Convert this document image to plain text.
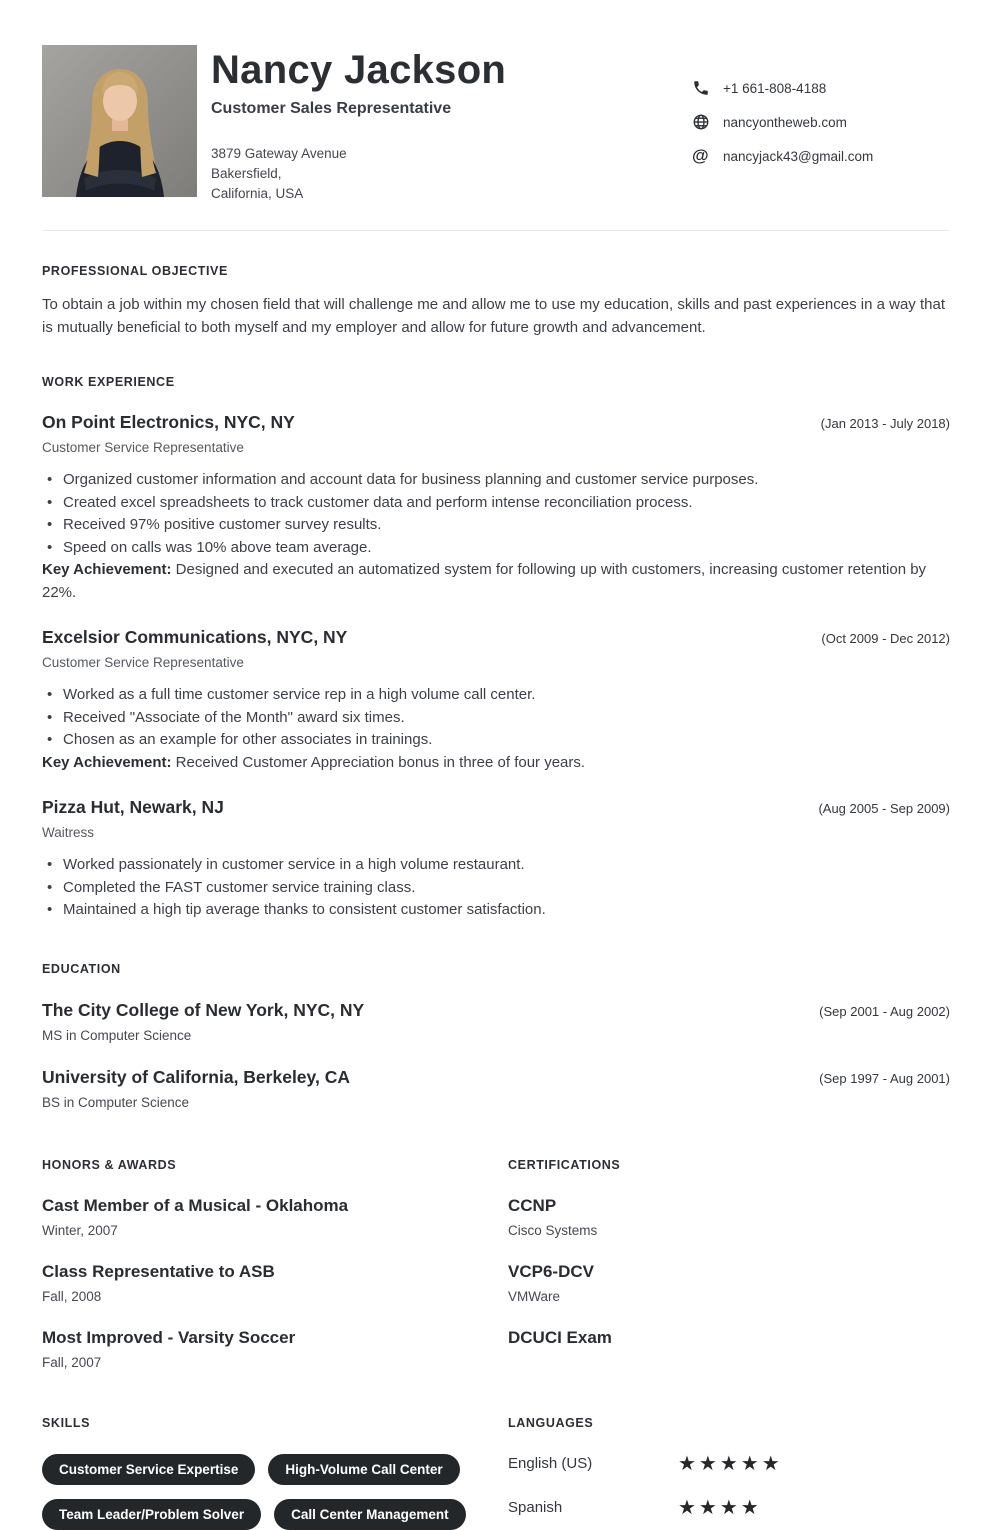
Nancy Jackson
Customer Sales Representative
3879 Gateway Avenue
Bakersfield,
California, USA
+1 661-808-4188
nancyontheweb.com
@ nancyjack43@gmail.com
PROFESSIONAL OBJECTIVE

To obtain a job within my chosen field that will challenge me and allow me to use my education, skills and past experiences in a way that is mutually beneficial to both myself and my employer and allow for future growth and advancement.

WORK EXPERIENCE
On Point Electronics, NYC, NY	(Jan 2013 - July 2018)
Customer Service Representative
• Organized customer information and account data for business planning and customer service purposes.
• Created excel spreadsheets to track customer data and perform intense reconciliation process.
• Received 97% positive customer survey results.
• Speed on calls was 10% above team average.

Key Achievement: Designed and executed an automatized system for following up with customers, increasing customer retention by 22%.

Excelsior Communications, NYC, NY	(Oct 2009 - Dec 2012)
Customer Service Representative
• Worked as a full time customer service rep in a high volume call center.
• Received "Associate of the Month" award six times.
• Chosen as an example for other associates in trainings.

Key Achievement: Received Customer Appreciation bonus in three of four years.

Pizza Hut, Newark, NJ	(Aug 2005 - Sep 2009)
Waitress
• Worked passionately in customer service in a high volume restaurant.
• Completed the FAST customer service training class.
• Maintained a high tip average thanks to consistent customer satisfaction.
EDUCATION
The City College of New York, NYC, NY	(Sep 2001 - Aug 2002)
MS in Computer Science
University of California, Berkeley, CA	(Sep 1997 - Aug 2001)
BS in Computer Science
HONORS & AWARDS
Cast Member of a Musical - Oklahoma
Winter, 2007
Class Representative to ASB
Fall, 2008
Most Improved - Varsity Soccer
Fall, 2007
CERTIFICATIONS
CCNP
Cisco Systems
VCP6-DCV
VMWare
DCUCI Exam
SKILLS
Customer Service Expertise	High-Volume Call Center
Team Leader/Problem Solver	Call Center Management
LANGUAGES
English (US)	★★★★★
Spanish	★★★★
